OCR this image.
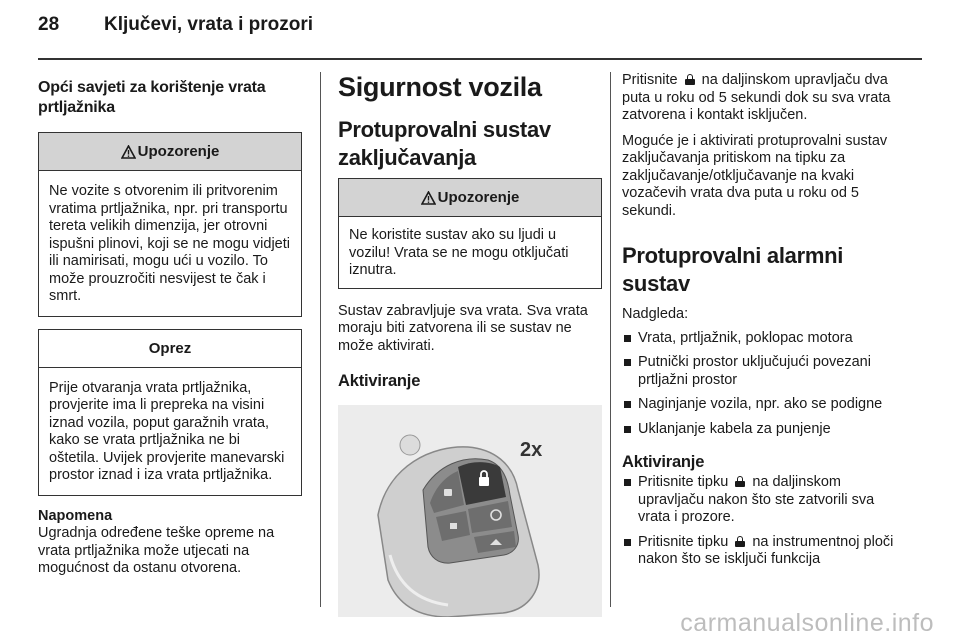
28	Ključevi, vrata i prozori
Opći savjeti za korištenje vrata prtljažnika
Upozorenje
Ne vozite s otvorenim ili pritvorenim vratima prtljažnika, npr. pri transportu tereta velikih dimenzija, jer otrovni ispušni plinovi, koji se ne mogu vidjeti ili namirisati, mogu ući u vozilo. To može prouzročiti nesvijest te čak i smrt.
Oprez
Prije otvaranja vrata prtljažnika, provjerite ima li prepreka na visini iznad vozila, poput garažnih vrata, kako se vrata prtljažnika ne bi oštetila. Uvijek provjerite manevarski prostor iznad i iza vrata prtljažnika.
Napomena
Ugradnja određene teške opreme na vrata prtljažnika može utjecati na mogućnost da ostanu otvorena.
Sigurnost vozila
Protuprovalni sustav zaključavanja
Upozorenje
Ne koristite sustav ako su ljudi u vozilu! Vrata se ne mogu otključati iznutra.
Sustav zabravljuje sva vrata. Sva vrata moraju biti zatvorena ili se sustav ne može aktivirati.
Aktiviranje
2x
Pritisnite na daljinskom upravljaču dva puta u roku od 5 sekundi dok su sva vrata zatvorena i kontakt isključen.
Moguće je i aktivirati protuprovalni sustav zaključavanja pritiskom na tipku za zaključavanje/otključavanje na kvaki vozačevih vrata dva puta u roku od 5 sekundi.
Protuprovalni alarmni sustav
Nadgleda:
Vrata, prtljažnik, poklopac motora
Putnički prostor uključujući povezani prtljažni prostor
Naginjanje vozila, npr. ako se podigne
Uklanjanje kabela za punjenje
Aktiviranje
Pritisnite tipku na daljinskom upravljaču nakon što ste zatvorili sva vrata i prozore.
Pritisnite tipku na instrumentnoj ploči nakon što se isključi funkcija
carmanualsonline.info
